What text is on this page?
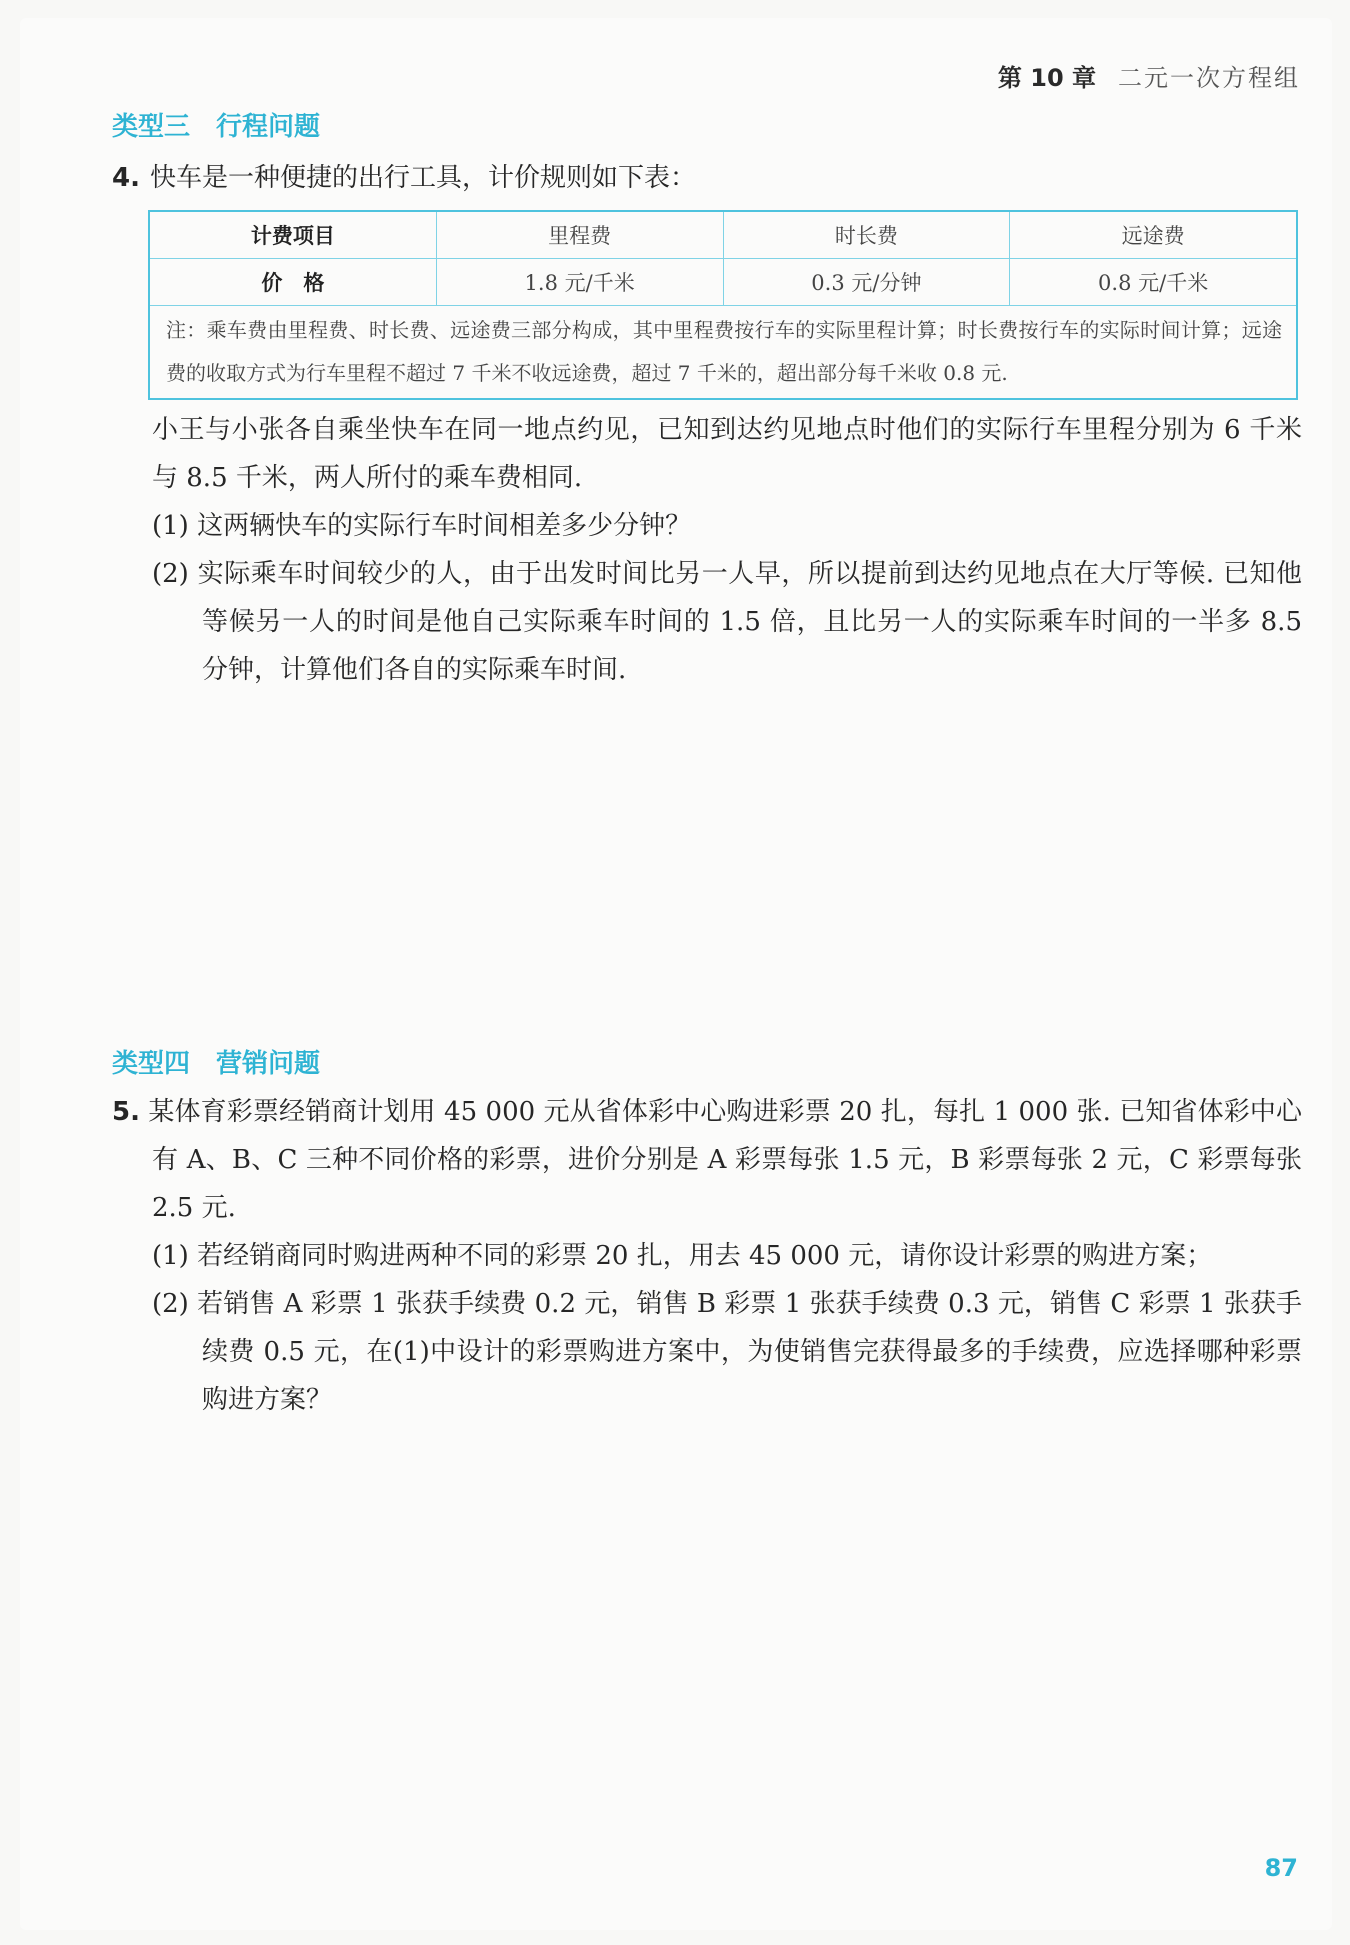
第 10 章 二元一次方程组
类型三 行程问题
4. 快车是一种便捷的出行工具，计价规则如下表：
计费项目	里程费	时长费	远途费
价　格	1.8 元/千米	0.3 元/分钟	0.8 元/千米
注：乘车费由里程费、时长费、远途费三部分构成，其中里程费按行车的实际里程计算；时长费按行车的实际时间计算；远途费的收取方式为行车里程不超过 7 千米不收远途费，超过 7 千米的，超出部分每千米收 0.8 元.
小王与小张各自乘坐快车在同一地点约见，已知到达约见地点时他们的实际行车里程分别为 6 千米与 8.5 千米，两人所付的乘车费相同.
(1) 这两辆快车的实际行车时间相差多少分钟？
(2) 实际乘车时间较少的人，由于出发时间比另一人早，所以提前到达约见地点在大厅等候. 已知他等候另一人的时间是他自己实际乘车时间的 1.5 倍，且比另一人的实际乘车时间的一半多 8.5 分钟，计算他们各自的实际乘车时间.
类型四 营销问题
5. 某体育彩票经销商计划用 45 000 元从省体彩中心购进彩票 20 扎，每扎 1 000 张. 已知省体彩中心有 A、B、C 三种不同价格的彩票，进价分别是 A 彩票每张 1.5 元，B 彩票每张 2 元，C 彩票每张 2.5 元.
(1) 若经销商同时购进两种不同的彩票 20 扎，用去 45 000 元，请你设计彩票的购进方案；
(2) 若销售 A 彩票 1 张获手续费 0.2 元，销售 B 彩票 1 张获手续费 0.3 元，销售 C 彩票 1 张获手续费 0.5 元，在(1)中设计的彩票购进方案中，为使销售完获得最多的手续费，应选择哪种彩票购进方案？
87
